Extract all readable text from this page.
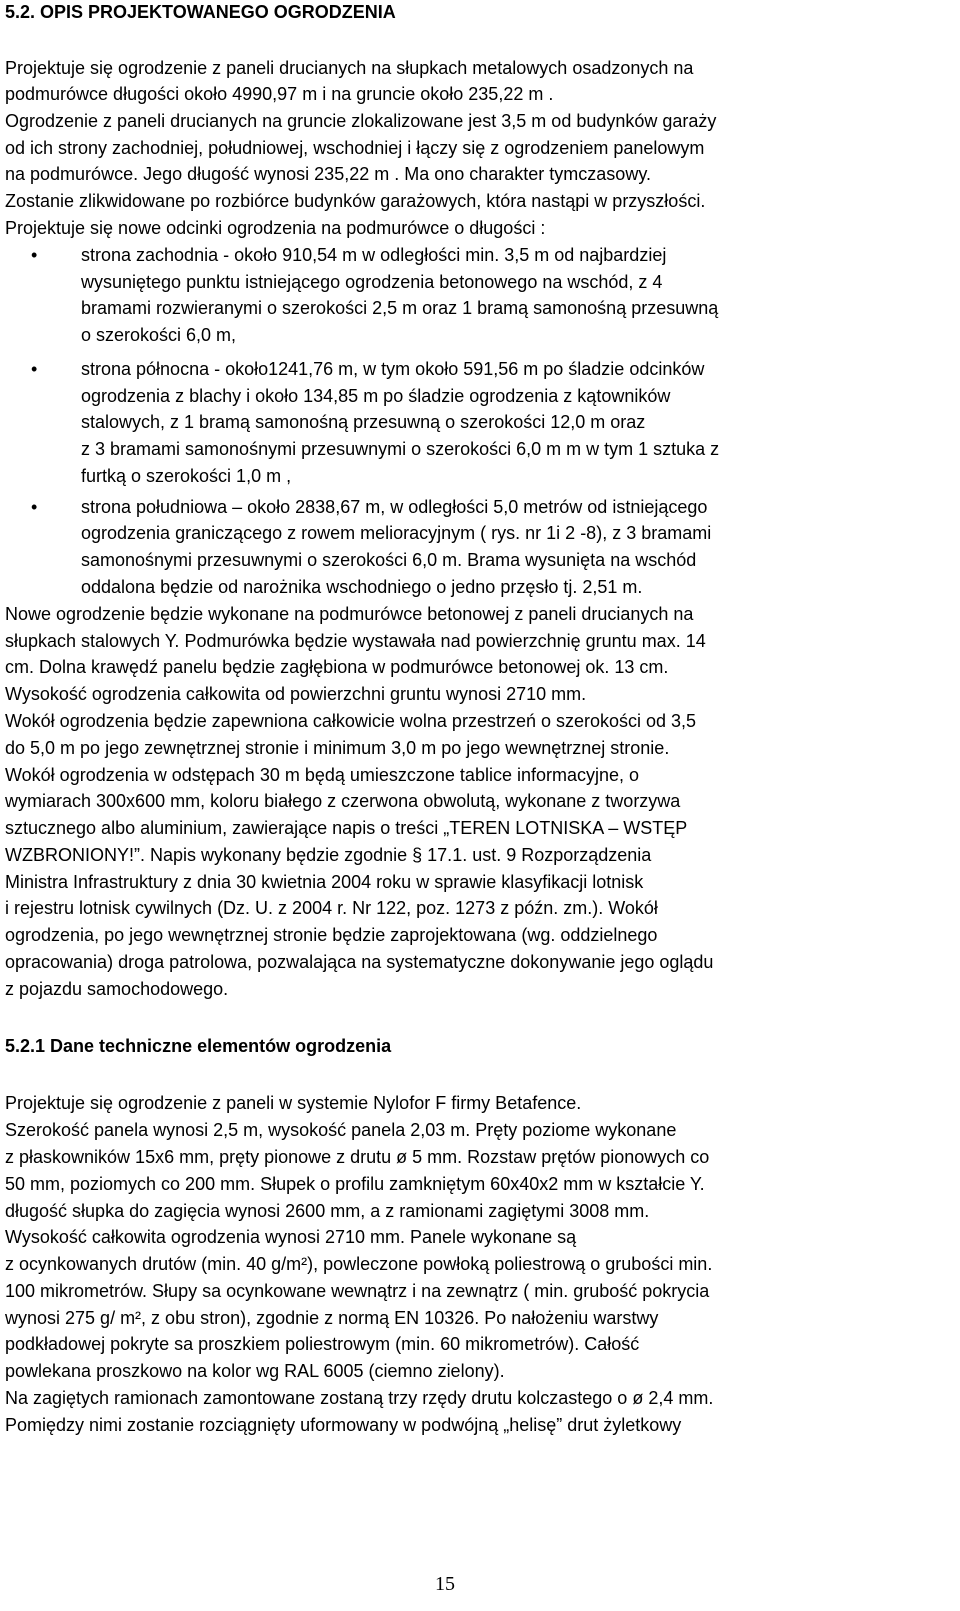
5.2. OPIS PROJEKTOWANEGO OGRODZENIA
Projektuje się ogrodzenie z paneli drucianych na słupkach metalowych osadzonych na
podmurówce długości około 4990,97 m i na gruncie około 235,22 m .
Ogrodzenie z paneli drucianych na gruncie zlokalizowane jest 3,5 m od budynków garaży
od ich strony zachodniej, południowej, wschodniej i łączy się z ogrodzeniem panelowym
na podmurówce. Jego długość wynosi 235,22 m . Ma ono charakter tymczasowy.
Zostanie zlikwidowane po rozbiórce budynków garażowych, która nastąpi w przyszłości.
Projektuje się nowe odcinki ogrodzenia na podmurówce o długości :
• strona zachodnia - około 910,54 m w odległości min. 3,5 m od najbardziej
wysuniętego punktu istniejącego ogrodzenia betonowego na wschód, z 4
bramami rozwieranymi o szerokości 2,5 m oraz 1 bramą samonośną przesuwną
o szerokości 6,0 m,
• strona północna - około1241,76 m, w tym około 591,56 m po śladzie odcinków
ogrodzenia z blachy i około 134,85 m po śladzie ogrodzenia z kątowników
stalowych, z 1 bramą samonośną przesuwną o szerokości 12,0 m oraz
z 3 bramami samonośnymi przesuwnymi o szerokości 6,0 m m w tym 1 sztuka z
furtką o szerokości 1,0 m ,
• strona południowa – około 2838,67 m, w odległości 5,0 metrów od istniejącego
ogrodzenia graniczącego z rowem melioracyjnym ( rys. nr 1i 2 -8), z 3 bramami
samonośnymi przesuwnymi o szerokości 6,0 m. Brama wysunięta na wschód
oddalona będzie od narożnika wschodniego o jedno przęsło tj. 2,51 m.
Nowe ogrodzenie będzie wykonane na podmurówce betonowej z paneli drucianych na
słupkach stalowych Y. Podmurówka będzie wystawała nad powierzchnię gruntu max. 14
cm. Dolna krawędź panelu będzie zagłębiona w podmurówce betonowej ok. 13 cm.
Wysokość ogrodzenia całkowita od powierzchni gruntu wynosi 2710 mm.
Wokół ogrodzenia będzie zapewniona całkowicie wolna przestrzeń o szerokości od 3,5
do 5,0 m po jego zewnętrznej stronie i minimum 3,0 m po jego wewnętrznej stronie.
Wokół ogrodzenia w odstępach 30 m będą umieszczone tablice informacyjne, o
wymiarach 300x600 mm, koloru białego z czerwona obwolutą, wykonane z tworzywa
sztucznego albo aluminium, zawierające napis o treści „TEREN LOTNISKA – WSTĘP
WZBRONIONY!”. Napis wykonany będzie zgodnie § 17.1. ust. 9 Rozporządzenia
Ministra Infrastruktury z dnia 30 kwietnia 2004 roku w sprawie klasyfikacji lotnisk
i rejestru lotnisk cywilnych (Dz. U. z 2004 r. Nr 122, poz. 1273 z późn. zm.). Wokół
ogrodzenia, po jego wewnętrznej stronie będzie zaprojektowana (wg. oddzielnego
opracowania) droga patrolowa, pozwalająca na systematyczne dokonywanie jego oglądu
z pojazdu samochodowego.
5.2.1 Dane techniczne elementów ogrodzenia
Projektuje się ogrodzenie z paneli w systemie Nylofor F firmy Betafence.
Szerokość panela wynosi 2,5 m, wysokość panela 2,03 m. Pręty poziome wykonane
z płaskowników 15x6 mm, pręty pionowe z drutu ø 5 mm. Rozstaw prętów pionowych co
50 mm, poziomych co 200 mm. Słupek o profilu zamkniętym 60x40x2 mm w kształcie Y.
długość słupka do zagięcia wynosi 2600 mm, a z ramionami zagiętymi 3008 mm.
Wysokość całkowita ogrodzenia wynosi 2710 mm. Panele wykonane są
z ocynkowanych drutów (min. 40 g/m²), powleczone powłoką poliestrową o grubości min.
100 mikrometrów. Słupy sa ocynkowane wewnątrz i na zewnątrz ( min. grubość pokrycia
wynosi 275 g/ m², z obu stron), zgodnie z normą EN 10326. Po nałożeniu warstwy
podkładowej pokryte sa proszkiem poliestrowym (min. 60 mikrometrów). Całość
powlekana proszkowo na kolor wg RAL 6005 (ciemno zielony).
Na zagiętych ramionach zamontowane zostaną trzy rzędy drutu kolczastego o ø 2,4 mm.
Pomiędzy nimi zostanie rozciągnięty uformowany w podwójną „helisę” drut żyletkowy
15
